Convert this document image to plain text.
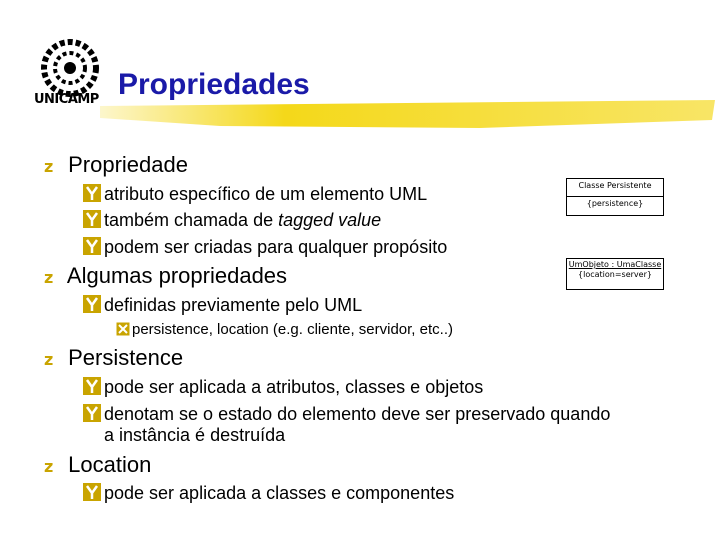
UNICAMP Propriedades
z Propriedade
atributo específico de um elemento UML
também chamada de tagged value
podem ser criadas para qualquer propósito
z Algumas propriedades
definidas previamente pelo UML
persistence, location (e.g. cliente, servidor, etc..)
z Persistence
pode ser aplicada a atributos, classes e objetos
denotam se o estado do elemento deve ser preservado quando
a instância é destruída
z Location
pode ser aplicada a classes e componentes
Classe Persistente
{persistence}
UmObjeto : UmaClasse
{location=server}
